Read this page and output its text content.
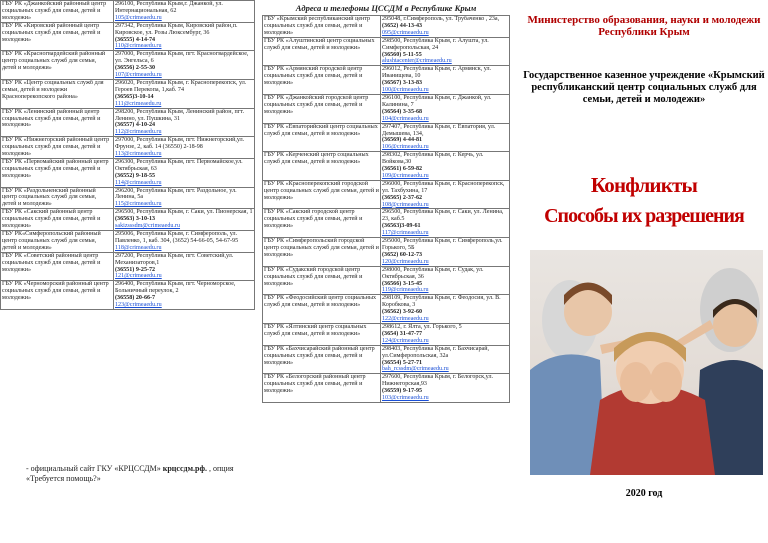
ГБУ РК «Джанкойский районный центр социальных служб для семьи, детей и молодежи»	296100, Республика Крым,г. Джанкой, ул. Интернациональная, 62
105@crimeaedu.ru

ГБУ РК «Кировский районный центр социальных служб для семьи, детей и молодежи»	297342, Республика Крым, Кировский район,п. Кировское, ул. Розы Люксембург, 36
(36555) 4-14-74
110@crimeaedu.ru

ГБУ РК «Красногвардейский районный центр социальных служб для семьи, детей и молодежи»	297000, Республика Крым, пгт. Красногвардейское, ул. Энгельса, 6
(36556) 2-55-30
107@crimeaedu.ru

ГБУ РК «Центр социальных служб для семьи, детей и молодежи Красноперекопского района»	296020, Республика Крым, г. Красноперекопск, ул. Героев Перекопа, 1,каб. 74
(36565)3-10-14
111@crimeaedu.ru

ГБУ РК «Ленинский районный центр социальных служб для семьи, детей и молодежи»	298200, Республика Крым, Ленинский район, пгт. Ленино, ул. Пушкина, 31
(36557) 4-10-24
112@crimeaedu.ru

ГБУ РК «Нижнегорский районный центр социальных служб для семьи, детей и молодежи»	297000, Республика Крым, пгт. Нижнегорский,ул. Фрунзе, 2, каб. 14 (36550) 2-18-98
113@crimeaedu.ru

ГБУ РК «Первомайский районный центр социальных служб для семьи, детей и молодежи»	296300, Республика Крым, пгт. Первомайское,ул. Октябрьская, 63
(36552) 9-18-55
114@crimeaedu.ru

ГБУ РК «Раздольненский районный центр социальных служб для семьи, детей и молодежи»	296200, Республика Крым, пгт. Раздольное, ул. Ленина, 5а
115@crimeaedu.ru

ГБУ РК «Сакский районный центр социальных служб для семьи, детей и молодежи»	296500, Республика Крым, г. Саки, ул. Пионерская, 1
(36563) 3-10-13
sakizsssdm@crimeaedu.ru

ГБУ РК«Симферопольский районный центр социальных служб для семьи, детей и молодежи»	295006, Республика Крым, г. Симферополь, ул. Павленко, 1, каб. 304, (3652) 54-66-05, 54-67-95
118@crimeaedu.ru

ГБУ РК «Советский районный центр социальных служб для семьи, детей и молодежи»	297200, Республика Крым, пгт. Советский,ул. Механизаторов,1
(36551) 9-25-72
121@crimeaedu.ru

ГБУ РК «Черноморский районный центр социальных служб для семьи, детей и молодежи»	296400, Республика Крым, пгт. Черноморское, Больничный переулок, 2
(36558) 20-66-7
123@crimeaedu.ru
- официальный сайт ГКУ «КРЦССДМ» крцссдм.рф. , опция «Требуется помощь?»
Адреса и телефоны ЦССДМ в Республике Крым
ГБУ «Крымский республиканский центр социальных служб для семьи, детей и молодежи»	295048, г.Симферополь, ул. Трубаченко , 23а,
(3652) 44-13-43
095@crimeaedu.ru

ГБУ РК «Алуштинский центр социальных служб для семьи, детей и молодежи»	298500, Республика Крым, г. Алушта, ул. Симферопольская, 24
(36560) 5-11-55
alushtacenter@crimeaedu.ru

ГБУ РК «Армянский городской центр социальных служб для семьи, детей и молодежи»	296012, Республика Крым, г. Армянск, ул. Иванищева, 10
(36567) 3-13-83
100@crimeaedu.ru

ГБУ РК «Джанкойский городской центр социальных служб для семьи, детей и молодежи»	296100, Республика Крым, г. Джанкой, ул. Калинина, 7
(36564) 3-35-68
104@crimeaedu.ru

ГБУ РК «Евпаторийский центр социальных служб для семьи, детей и молодежи»	297407, Республика Крым, г. Евпатория, ул. Демышева, 134,
(36569) 4-44-81
106@crimeaedu.ru

ГБУ РК «Керченский центр социальных служб для семьи, детей и молодежи»	298302, Республика Крым, г. Керчь, ул. Войкова,30
(36561) 6-59-82
109@crimeaedu.ru

ГБУ РК «Красноперекопский городской центр социальных служб для семьи, детей и молодежи»	296000, Республика Крым, г. Красноперекопск, ул. Тахбухина, 17
(36565) 2-37-62
108@crimeaedu.ru

ГБУ РК «Сакский городской центр социальных служб для семьи, детей и молодежи»	296500, Республика Крым, г. Саки, ул. Ленина, 23, каб.5
(36563)3-09-61
117@crimeaedu.ru

ГБУ РК «Симферопольский городской центр социальных служб для семьи, детей и молодежи»	295000, Республика Крым, г. Симферополь,ул. Горького, 5Б
(3652) 60-12-73
120@crimeaedu.ru

ГБУ РК «Судакский городской центр социальных служб для семьи, детей и молодежи»	298000, Республика Крым, г. Судак, ул. Октябрьская, 36
(36566) 3-15-45
119@crimeaedu.ru

ГБУ РК «Феодосийский центр социальных служб для семьи, детей и молодежи»	298109, Республика Крым, г. Феодосия, ул. В. Коробкова, 3
(36562) 3-92-60
122@crimeaedu.ru

ГБУ РК «Ялтинский центр социальных служб для семьи, детей и молодежи»	298612, г. Ялта, ул. Горького, 5
(3654) 31-47-77
124@crimeaedu.ru

ГБУ РК «Бахчисарайский районный центр социальных служб для семьи, детей и молодежи»	298403, Республика Крым, г. Бахчисарай, ул.Симферопольская, 32а
(36554) 5-27-71
bah_rcssdm@crimeaedu.ru

ГБУ РК «Белогорский районный центр социальных служб для семьи, детей и молодежи»	297600, Республика Крым, г. Белогорск,ул. Нижнегорская,93
(36559) 9-17-95
103@crimeaedu.ru
Министерство образования, науки и молодежи Республики Крым
Государственное казенное учреждение «Крымский республиканский центр социальных служб для семьи, детей и молодежи»
Конфликты
Способы их разрешения
2020 год
